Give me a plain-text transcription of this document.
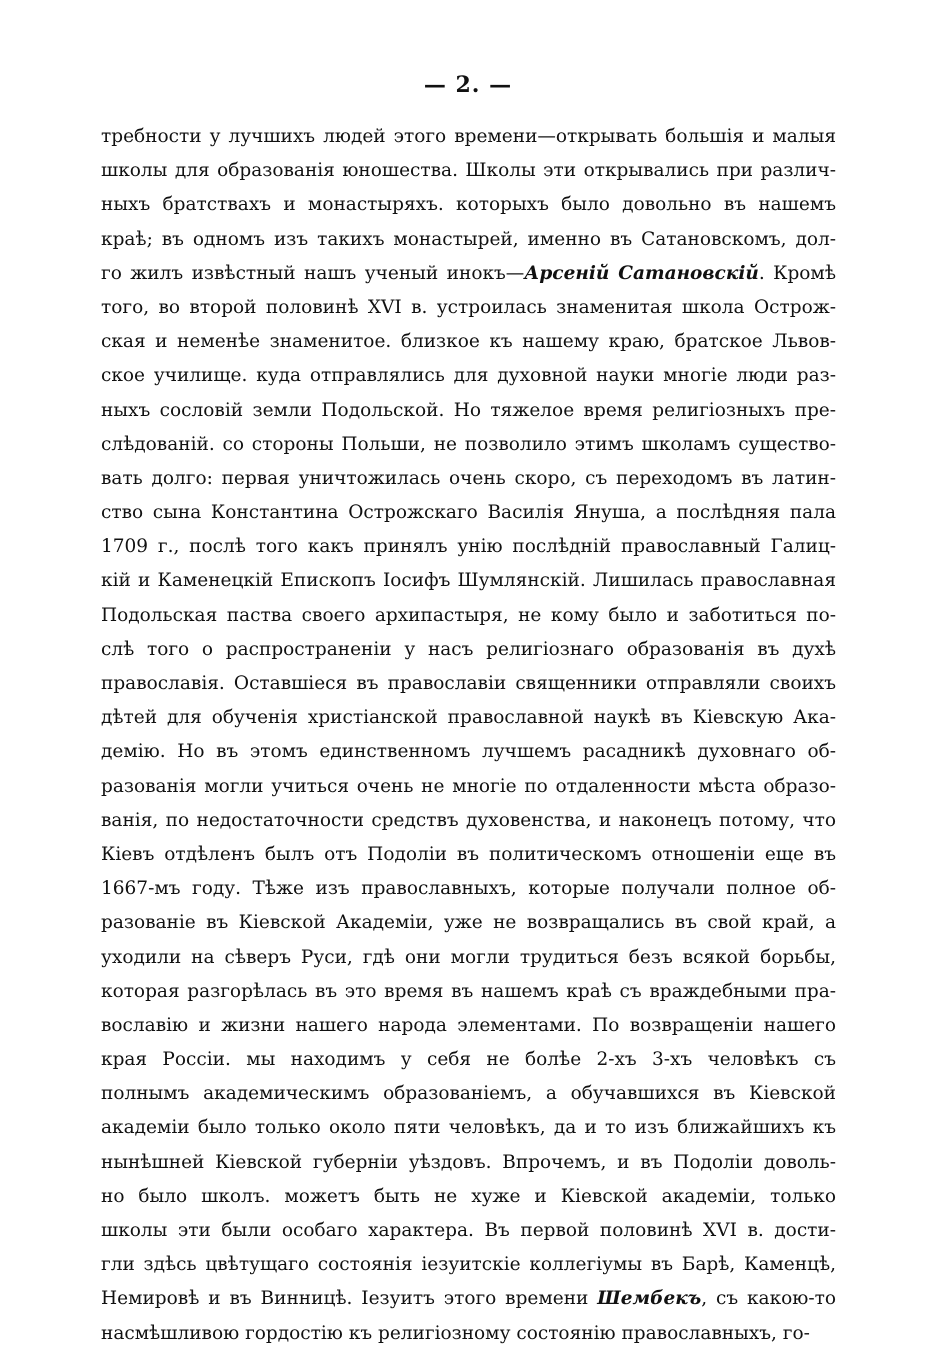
— 2. —
требности у лучшихъ людей этого времени—открывать большія и малыя
школы для образованія юношества. Школы эти открывались при различ-
ныхъ братствахъ и монастыряхъ. которыхъ было довольно въ нашемъ
краѣ; въ одномъ изъ такихъ монастырей, именно въ Сатановскомъ, дол-
го жилъ извѣстный нашъ ученый инокъ—Арсеній Сатановскій. Кромѣ
того, во второй половинѣ XVI в. устроилась знаменитая школа Острож-
ская и неменѣе знаменитое. близкое къ нашему краю, братское Львов-
ское училище. куда отправлялись для духовной науки многіе люди раз-
ныхъ сословій земли Подольской. Но тяжелое время религіозныхъ пре-
слѣдованій. со стороны Польши, не позволило этимъ школамъ существо-
вать долго: первая уничтожилась очень скоро, съ переходомъ въ латин-
ство сына Константина Острожскаго Василія Януша, а послѣдняя пала
1709 г., послѣ того какъ принялъ унію послѣдній православный Галиц-
кій и Каменецкій Епископъ Іосифъ Шумлянскій. Лишилась православная
Подольская паства своего архипастыря, не кому было и заботиться по-
слѣ того о распространеніи у насъ религіознаго образованія въ духѣ
православія. Оставшіеся въ православіи священники отправляли своихъ
дѣтей для обученія христіанской православной наукѣ въ Кіевскую Ака-
демію. Но въ этомъ единственномъ лучшемъ расадникѣ духовнаго об-
разованія могли учиться очень не многіе по отдаленности мѣста образо-
ванія, по недостаточности средствъ духовенства, и наконецъ потому, что
Кіевъ отдѣленъ былъ отъ Подоліи въ политическомъ отношеніи еще въ
1667-мъ году. Тѣже изъ православныхъ, которые получали полное об-
разованіе въ Кіевской Академіи, уже не возвращались въ свой край, а
уходили на сѣверъ Руси, гдѣ они могли трудиться безъ всякой борьбы,
которая разгорѣлась въ это время въ нашемъ краѣ съ враждебными пра-
вославію и жизни нашего народа элементами. По возвращеніи нашего
края Россіи. мы находимъ у себя не болѣе 2-хъ 3-хъ человѣкъ съ
полнымъ академическимъ образованіемъ, а обучавшихся въ Кіевской
академіи было только около пяти человѣкъ, да и то изъ ближайшихъ къ
нынѣшней Кіевской губерніи уѣздовъ. Впрочемъ, и въ Подоліи доволь-
но было школъ. можетъ быть не хуже и Кіевской академіи, только
школы эти были особаго характера. Въ первой половинѣ XVI в. дости-
гли здѣсь цвѣтущаго состоянія іезуитскіе коллегіумы въ Барѣ, Каменцѣ,
Немировѣ и въ Винницѣ. Іезуитъ этого времени Шембекъ, съ какою-то
насмѣшливою гордостію къ религіозному состоянію православныхъ, го-
